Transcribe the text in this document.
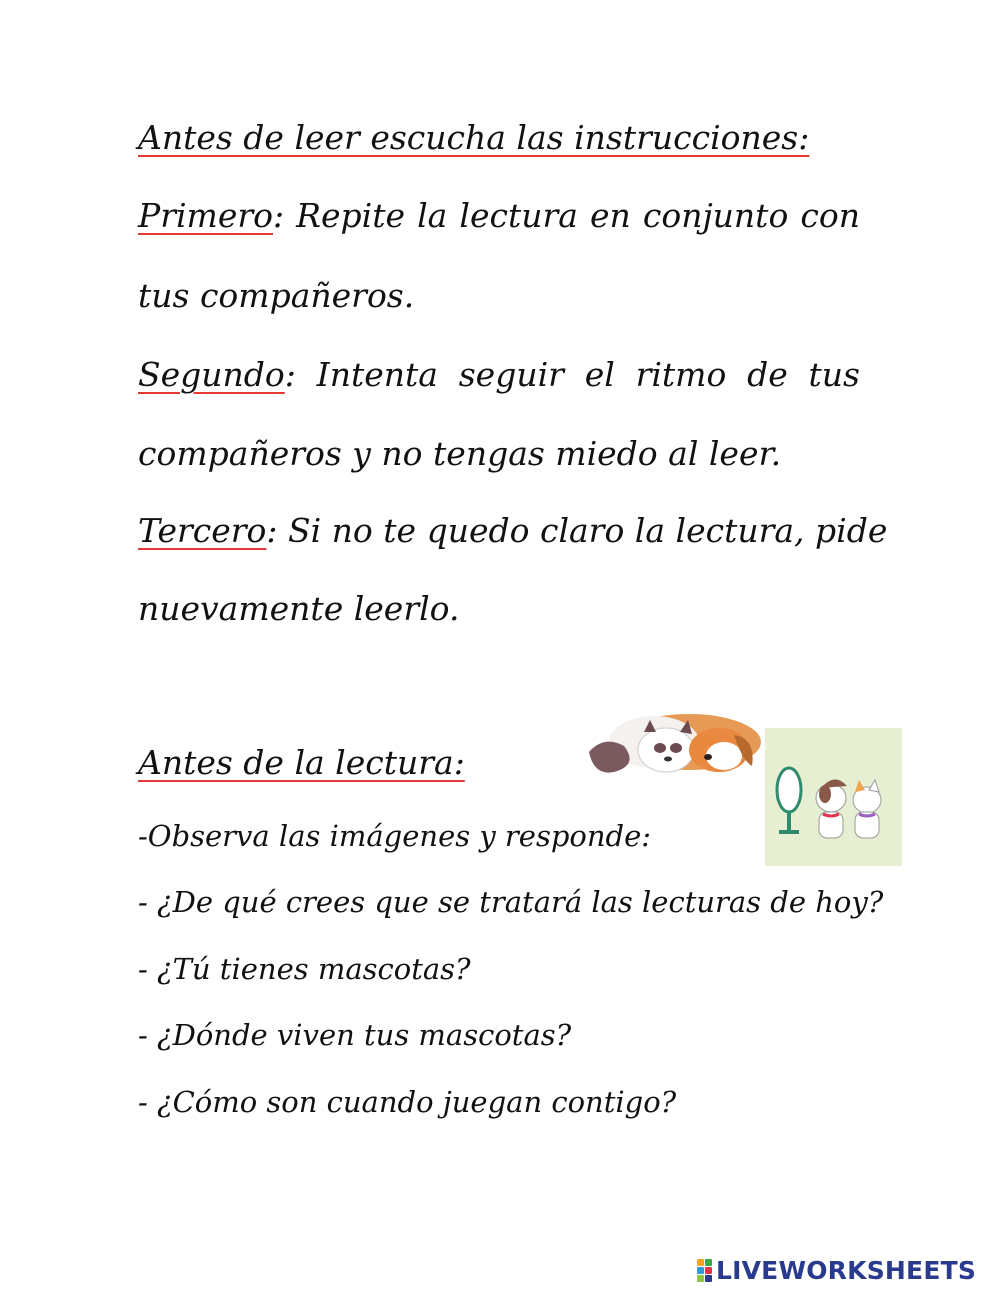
Antes de leer escucha las instrucciones:
Primero: Repite la lectura en conjunto con
tus compañeros.
Segundo: Intenta seguir el ritmo de tus
compañeros y no tengas miedo al leer.
Tercero: Si no te quedo claro la lectura, pide
nuevamente leerlo.
Antes de la lectura:
-Observa las imágenes y responde:
- ¿De qué crees que se tratará las lecturas de hoy?
- ¿Tú tienes mascotas?
- ¿Dónde viven tus mascotas?
- ¿Cómo son cuando juegan contigo?
LIVEWORKSHEETS
